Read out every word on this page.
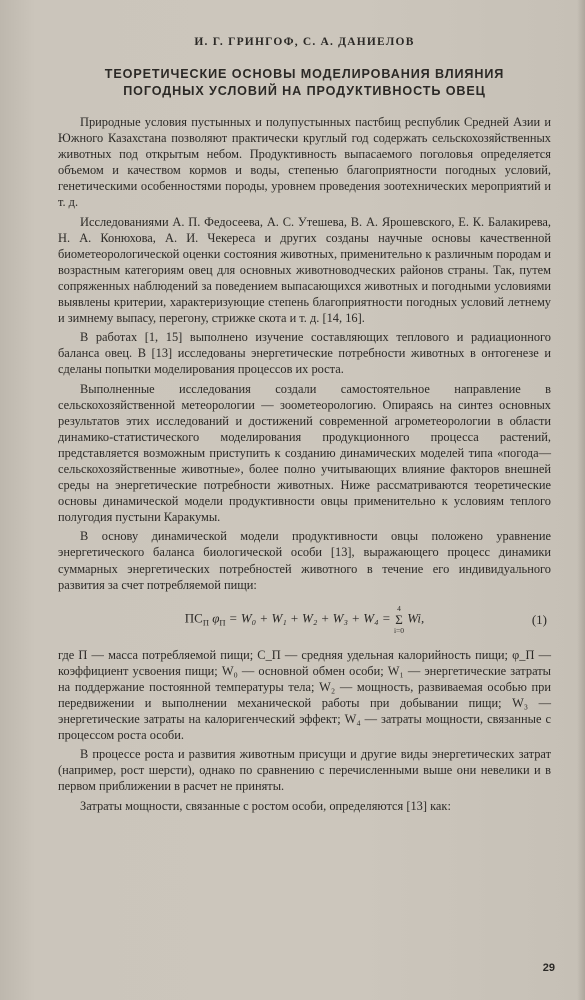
И. Г. ГРИНГОФ, С. А. ДАНИЕЛОВ
ТЕОРЕТИЧЕСКИЕ ОСНОВЫ МОДЕЛИРОВАНИЯ ВЛИЯНИЯ
ПОГОДНЫХ УСЛОВИЙ НА ПРОДУКТИВНОСТЬ ОВЕЦ

Природные условия пустынных и полупустынных пастбищ республик Средней Азии и Южного Казахстана позволяют практически круглый год содержать сельскохозяйственных животных под открытым небом. Продуктивность выпасаемого поголовья определяется объемом и качеством кормов и воды, степенью благоприятности погодных условий, генетическими особенностями породы, уровнем проведения зоотехнических мероприятий и т. д.

Исследованиями А. П. Федосеева, А. С. Утешева, В. А. Ярошевского, Е. К. Балакирева, Н. А. Конюхова, А. И. Чекереса и других созданы научные основы качественной биометеорологической оценки состояния животных, применительно к различным породам и возрастным категориям овец для основных животноводческих районов страны. Так, путем сопряженных наблюдений за поведением выпасающихся животных и погодными условиями выявлены критерии, характеризующие степень благоприятности погодных условий летнему и зимнему выпасу, перегону, стрижке скота и т. д. [14, 16].

В работах [1, 15] выполнено изучение составляющих теплового и радиационного баланса овец. В [13] исследованы энергетические потребности животных в онтогенезе и сделаны попытки моделирования процессов их роста.

Выполненные исследования создали самостоятельное направление в сельскохозяйственной метеорологии — зоометеорологию. Опираясь на синтез основных результатов этих исследований и достижений современной агрометеорологии в области динамико-статистического моделирования продукционного процесса растений, представляется возможным приступить к созданию динамических моделей типа «погода—сельскохозяйственные животные», более полно учитывающих влияние факторов внешней среды на энергетические потребности животных. Ниже рассматриваются теоретические основы динамической модели продуктивности овцы применительно к условиям теплого полугодия пустыни Каракумы.

В основу динамической модели продуктивности овцы положено уравнение энергетического баланса биологической особи [13], выражающего процесс динамики суммарных энергетических потребностей животного в течение его индивидуального развития за счет потребляемой пищи:

$ПС_П$ $\varphi_П = W_0 + W_1 + W_2 + W_3 + W_4$ =
4
Σ
i=0
Wi,	(1)

где П — масса потребляемой пищи; С_П — средняя удельная калорийность пищи; φ_П — коэффициент усвоения пищи; W₀ — основной обмен особи; W₁ — энергетические затраты на поддержание постоянной температуры тела; W₂ — мощность, развиваемая особью при передвижении и выполнении механической работы при добывании пищи; W₃ — энергетические затраты на калоригенческий эффект; W₄ — затраты мощности, связанные с процессом роста особи.

В процессе роста и развития животным присущи и другие виды энергетических затрат (например, рост шерсти), однако по сравнению с перечисленными выше они невелики и в первом приближении в расчет не приняты.

Затраты мощности, связанные с ростом особи, определяются [13] как:

29
